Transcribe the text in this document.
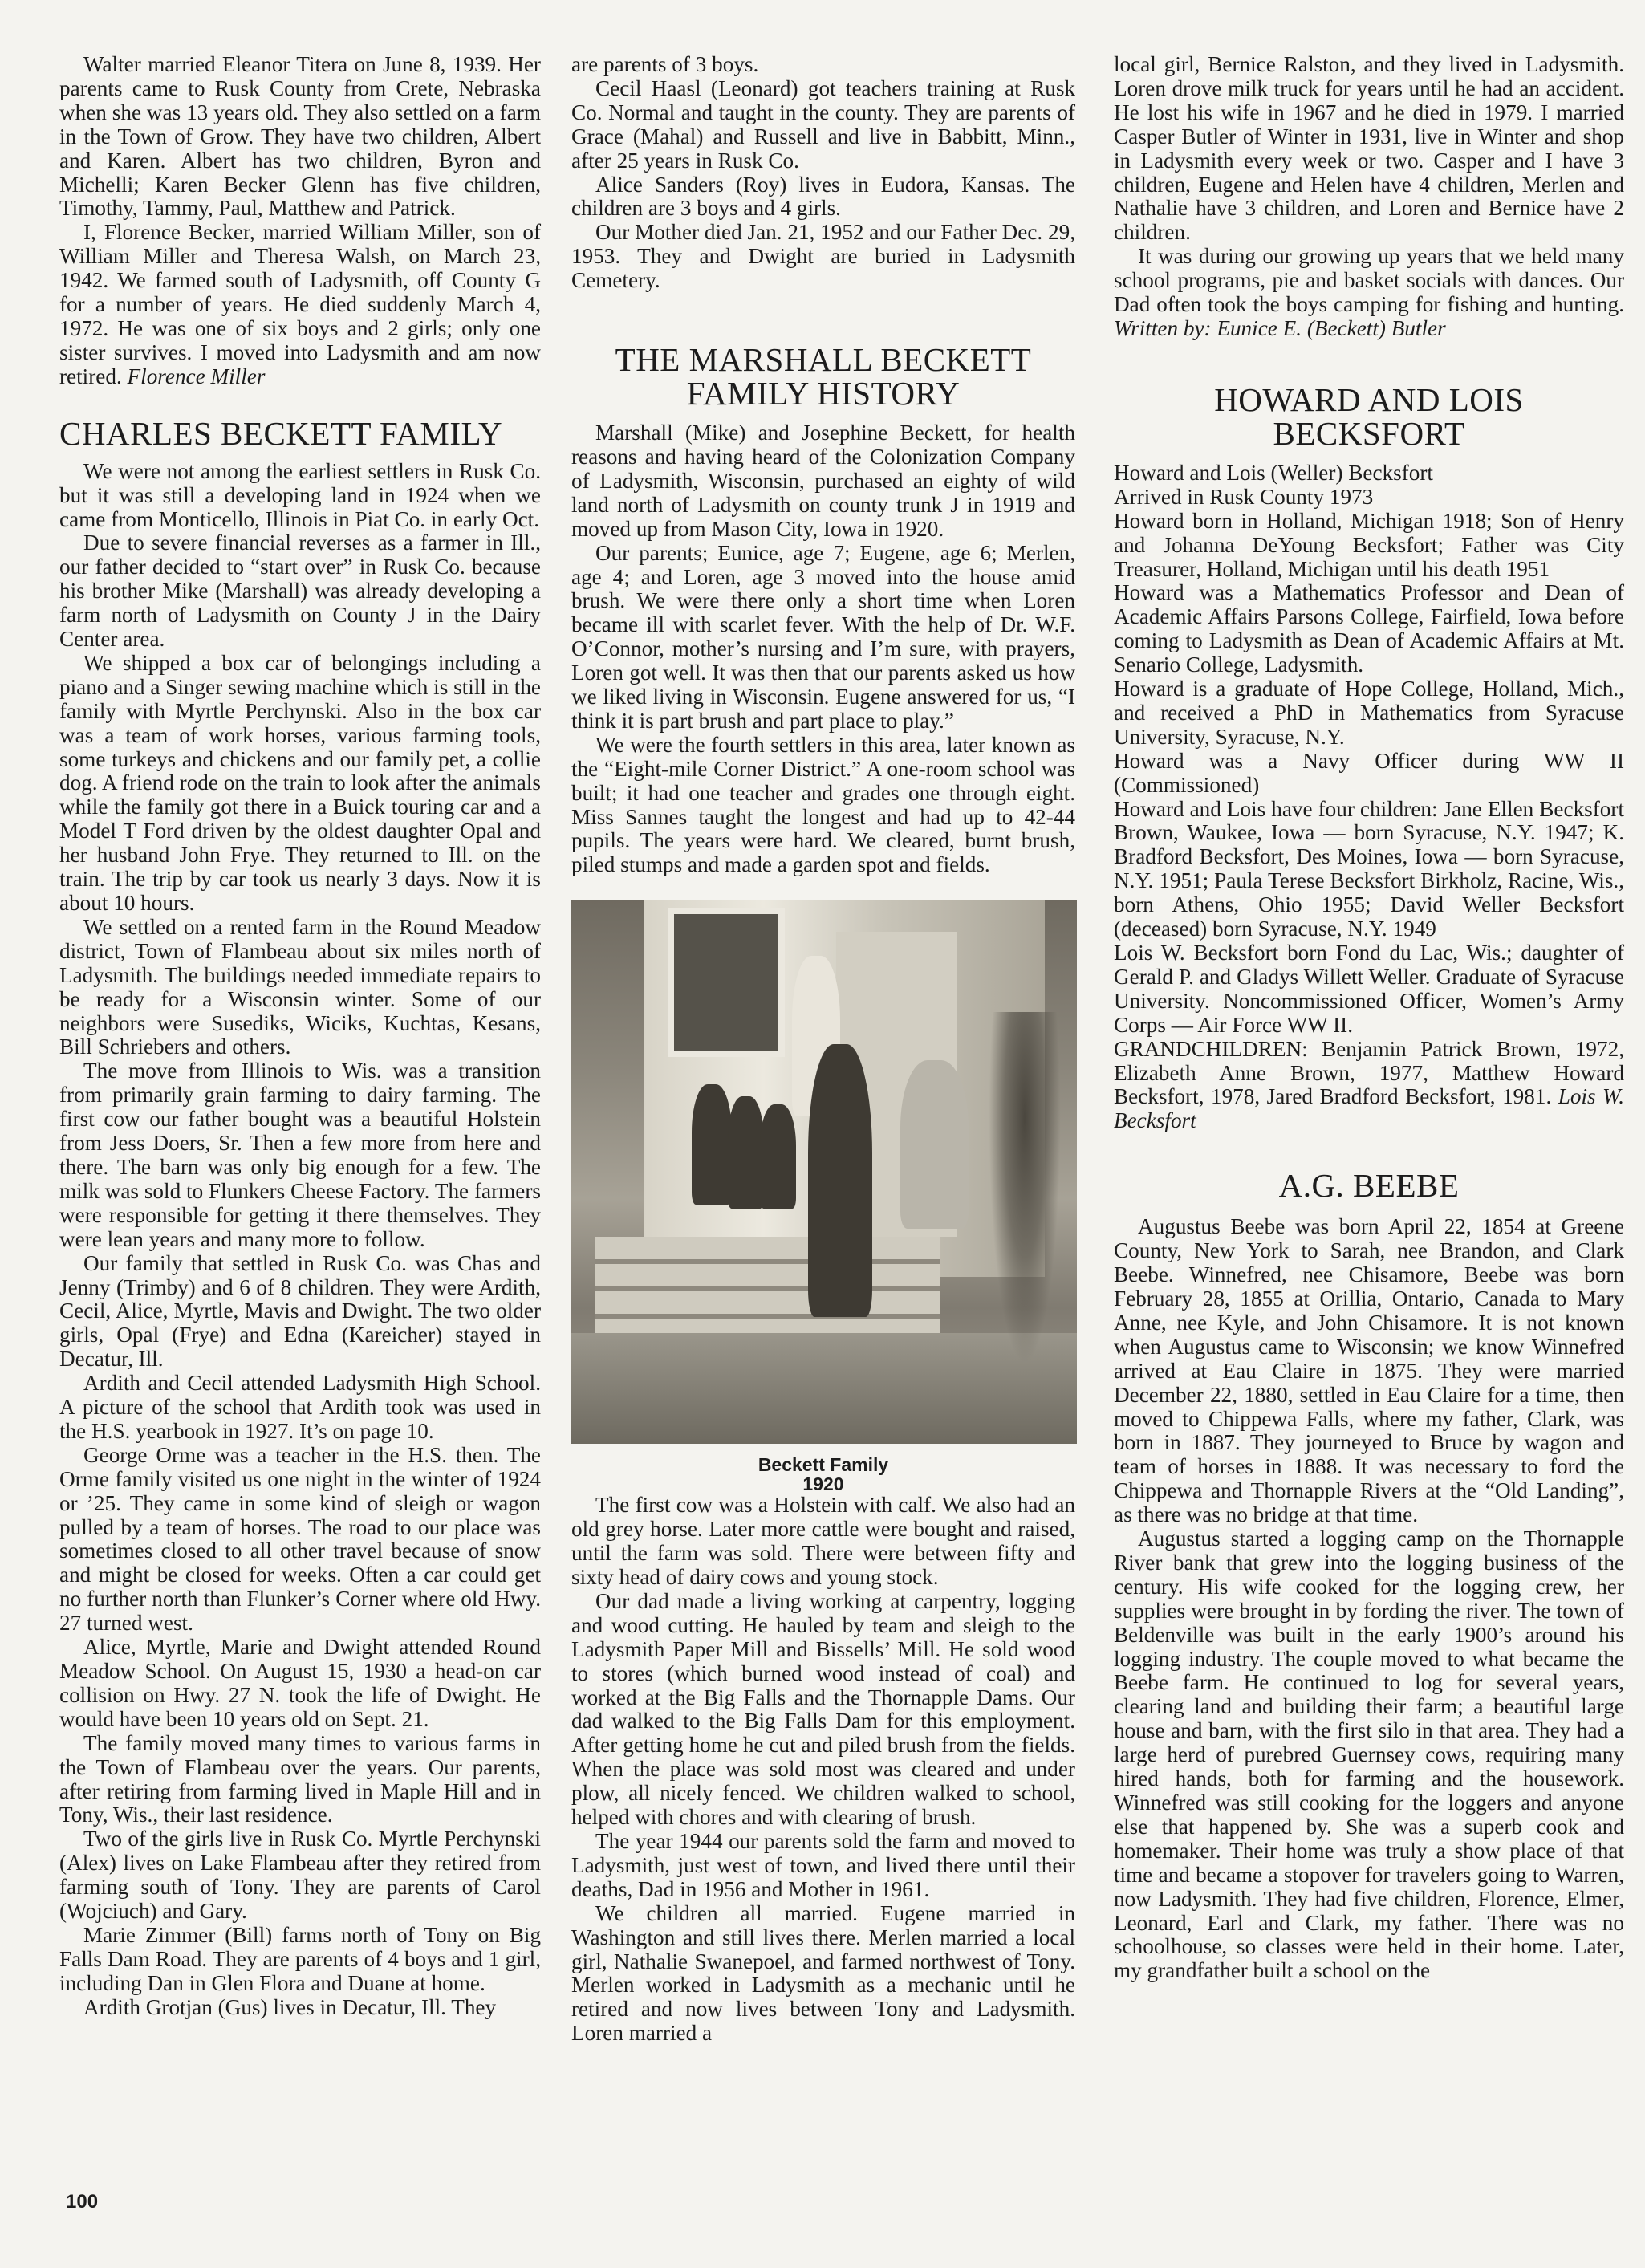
Walter married Eleanor Titera on June 8, 1939. Her parents came to Rusk County from Crete, Nebraska when she was 13 years old. They also settled on a farm in the Town of Grow. They have two children, Albert and Karen. Albert has two children, Byron and Michelli; Karen Becker Glenn has five children, Timothy, Tammy, Paul, Matthew and Patrick.

I, Florence Becker, married William Miller, son of William Miller and Theresa Walsh, on March 23, 1942. We farmed south of Ladysmith, off County G for a number of years. He died suddenly March 4, 1972. He was one of six boys and 2 girls; only one sister survives. I moved into Ladysmith and am now retired. Florence Miller

CHARLES BECKETT FAMILY

We were not among the earliest settlers in Rusk Co. but it was still a developing land in 1924 when we came from Monticello, Illinois in Piat Co. in early Oct.

Due to severe financial reverses as a farmer in Ill., our father decided to “start over” in Rusk Co. because his brother Mike (Marshall) was already developing a farm north of Ladysmith on County J in the Dairy Center area.

We shipped a box car of belongings including a piano and a Singer sewing machine which is still in the family with Myrtle Perchynski. Also in the box car was a team of work horses, various farming tools, some turkeys and chickens and our family pet, a collie dog. A friend rode on the train to look after the animals while the family got there in a Buick touring car and a Model T Ford driven by the oldest daughter Opal and her husband John Frye. They returned to Ill. on the train. The trip by car took us nearly 3 days. Now it is about 10 hours.

We settled on a rented farm in the Round Meadow district, Town of Flambeau about six miles north of Ladysmith. The buildings needed immediate repairs to be ready for a Wisconsin winter. Some of our neighbors were Susediks, Wiciks, Kuchtas, Kesans, Bill Schriebers and others.

The move from Illinois to Wis. was a transition from primarily grain farming to dairy farming. The first cow our father bought was a beautiful Holstein from Jess Doers, Sr. Then a few more from here and there. The barn was only big enough for a few. The milk was sold to Flunkers Cheese Factory. The farmers were responsible for getting it there themselves. They were lean years and many more to follow.

Our family that settled in Rusk Co. was Chas and Jenny (Trimby) and 6 of 8 children. They were Ardith, Cecil, Alice, Myrtle, Mavis and Dwight. The two older girls, Opal (Frye) and Edna (Kareicher) stayed in Decatur, Ill.

Ardith and Cecil attended Ladysmith High School. A picture of the school that Ardith took was used in the H.S. yearbook in 1927. It’s on page 10.

George Orme was a teacher in the H.S. then. The Orme family visited us one night in the winter of 1924 or ’25. They came in some kind of sleigh or wagon pulled by a team of horses. The road to our place was sometimes closed to all other travel because of snow and might be closed for weeks. Often a car could get no further north than Flunker’s Corner where old Hwy. 27 turned west.

Alice, Myrtle, Marie and Dwight attended Round Meadow School. On August 15, 1930 a head-on car collision on Hwy. 27 N. took the life of Dwight. He would have been 10 years old on Sept. 21.

The family moved many times to various farms in the Town of Flambeau over the years. Our parents, after retiring from farming lived in Maple Hill and in Tony, Wis., their last residence.

Two of the girls live in Rusk Co. Myrtle Perchynski (Alex) lives on Lake Flambeau after they retired from farming south of Tony. They are parents of Carol (Wojciuch) and Gary.

Marie Zimmer (Bill) farms north of Tony on Big Falls Dam Road. They are parents of 4 boys and 1 girl, including Dan in Glen Flora and Duane at home.

Ardith Grotjan (Gus) lives in Decatur, Ill. They

are parents of 3 boys.

Cecil Haasl (Leonard) got teachers training at Rusk Co. Normal and taught in the county. They are parents of Grace (Mahal) and Russell and live in Babbitt, Minn., after 25 years in Rusk Co.

Alice Sanders (Roy) lives in Eudora, Kansas. The children are 3 boys and 4 girls.

Our Mother died Jan. 21, 1952 and our Father Dec. 29, 1953. They and Dwight are buried in Ladysmith Cemetery.

THE MARSHALL BECKETT FAMILY HISTORY

Marshall (Mike) and Josephine Beckett, for health reasons and having heard of the Colonization Company of Ladysmith, Wisconsin, purchased an eighty of wild land north of Ladysmith on county trunk J in 1919 and moved up from Mason City, Iowa in 1920.

Our parents; Eunice, age 7; Eugene, age 6; Merlen, age 4; and Loren, age 3 moved into the house amid brush. We were there only a short time when Loren became ill with scarlet fever. With the help of Dr. W.F. O’Connor, mother’s nursing and I’m sure, with prayers, Loren got well. It was then that our parents asked us how we liked living in Wisconsin. Eugene answered for us, “I think it is part brush and part place to play.”

We were the fourth settlers in this area, later known as the “Eight-mile Corner District.” A one-room school was built; it had one teacher and grades one through eight. Miss Sannes taught the longest and had up to 42-44 pupils. The years were hard. We cleared, burnt brush, piled stumps and made a garden spot and fields.

Beckett Family
1920

The first cow was a Holstein with calf. We also had an old grey horse. Later more cattle were bought and raised, until the farm was sold. There were between fifty and sixty head of dairy cows and young stock.

Our dad made a living working at carpentry, logging and wood cutting. He hauled by team and sleigh to the Ladysmith Paper Mill and Bissells’ Mill. He sold wood to stores (which burned wood instead of coal) and worked at the Big Falls and the Thornapple Dams. Our dad walked to the Big Falls Dam for this employment. After getting home he cut and piled brush from the fields. When the place was sold most was cleared and under plow, all nicely fenced. We children walked to school, helped with chores and with clearing of brush.

The year 1944 our parents sold the farm and moved to Ladysmith, just west of town, and lived there until their deaths, Dad in 1956 and Mother in 1961.

We children all married. Eugene married in Washington and still lives there. Merlen married a local girl, Nathalie Swanepoel, and farmed northwest of Tony. Merlen worked in Ladysmith as a mechanic until he retired and now lives between Tony and Ladysmith. Loren married a

local girl, Bernice Ralston, and they lived in Ladysmith. Loren drove milk truck for years until he had an accident. He lost his wife in 1967 and he died in 1979. I married Casper Butler of Winter in 1931, live in Winter and shop in Ladysmith every week or two. Casper and I have 3 children, Eugene and Helen have 4 children, Merlen and Nathalie have 3 children, and Loren and Bernice have 2 children.

It was during our growing up years that we held many school programs, pie and basket socials with dances. Our Dad often took the boys camping for fishing and hunting. Written by: Eunice E. (Beckett) Butler

HOWARD AND LOIS BECKSFORT

Howard and Lois (Weller) Becksfort

Arrived in Rusk County 1973

Howard born in Holland, Michigan 1918; Son of Henry and Johanna DeYoung Becksfort; Father was City Treasurer, Holland, Michigan until his death 1951

Howard was a Mathematics Professor and Dean of Academic Affairs Parsons College, Fairfield, Iowa before coming to Ladysmith as Dean of Academic Affairs at Mt. Senario College, Ladysmith.

Howard is a graduate of Hope College, Holland, Mich., and received a PhD in Mathematics from Syracuse University, Syracuse, N.Y.

Howard was a Navy Officer during WW II (Commissioned)

Howard and Lois have four children: Jane Ellen Becksfort Brown, Waukee, Iowa — born Syracuse, N.Y. 1947; K. Bradford Becksfort, Des Moines, Iowa — born Syracuse, N.Y. 1951; Paula Terese Becksfort Birkholz, Racine, Wis., born Athens, Ohio 1955; David Weller Becksfort (deceased) born Syracuse, N.Y. 1949

Lois W. Becksfort born Fond du Lac, Wis.; daughter of Gerald P. and Gladys Willett Weller. Graduate of Syracuse University. Noncommissioned Officer, Women’s Army Corps — Air Force WW II.

GRANDCHILDREN: Benjamin Patrick Brown, 1972, Elizabeth Anne Brown, 1977, Matthew Howard Becksfort, 1978, Jared Bradford Becksfort, 1981. Lois W. Becksfort

A.G. BEEBE

Augustus Beebe was born April 22, 1854 at Greene County, New York to Sarah, nee Brandon, and Clark Beebe. Winnefred, nee Chisamore, Beebe was born February 28, 1855 at Orillia, Ontario, Canada to Mary Anne, nee Kyle, and John Chisamore. It is not known when Augustus came to Wisconsin; we know Winnefred arrived at Eau Claire in 1875. They were married December 22, 1880, settled in Eau Claire for a time, then moved to Chippewa Falls, where my father, Clark, was born in 1887. They journeyed to Bruce by wagon and team of horses in 1888. It was necessary to ford the Chippewa and Thornapple Rivers at the “Old Landing”, as there was no bridge at that time.

Augustus started a logging camp on the Thornapple River bank that grew into the logging business of the century. His wife cooked for the logging crew, her supplies were brought in by fording the river. The town of Beldenville was built in the early 1900’s around his logging industry. The couple moved to what became the Beebe farm. He continued to log for several years, clearing land and building their farm; a beautiful large house and barn, with the first silo in that area. They had a large herd of purebred Guernsey cows, requiring many hired hands, both for farming and the housework. Winnefred was still cooking for the loggers and anyone else that happened by. She was a superb cook and homemaker. Their home was truly a show place of that time and became a stopover for travelers going to Warren, now Ladysmith. They had five children, Florence, Elmer, Leonard, Earl and Clark, my father. There was no schoolhouse, so classes were held in their home. Later, my grandfather built a school on the

100
